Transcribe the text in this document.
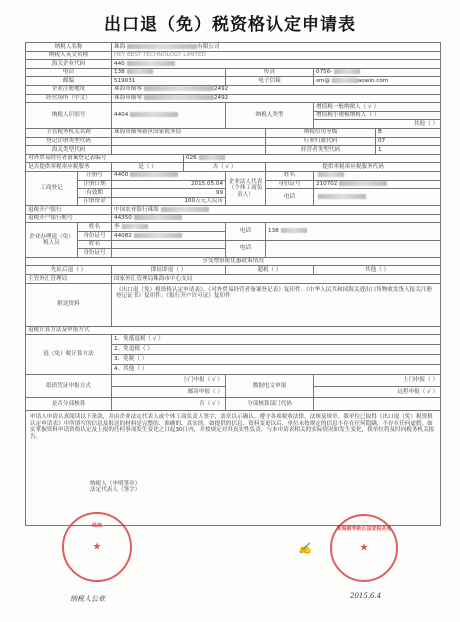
出口退（免）税资格认定申请表
纳税人名称		珠海 有限公司					
纳税人英文名称		HEY BEST TECHNOLOGY LIMITED					
海关企业代码		440					
电话		138		传真		0756-	
邮编		519031		电子信箱		sm@ aowin.com	
企业注册地址		珠海市横琴 2492					
经营场所（中文）		珠海市横琴 2492					
纳税人识别号		4404		纳税人类型		增值税一般纳税人（ √ ）	
						增值税小规模纳税人（ ）	
						其他（ ）	
主管税务机关名称		珠海市横琴新区国家税务局			纳税信用等级		B
登记注册类型代码					行业归属代码		07
海关类型代码					经营者类型代码		1
对外贸易经营者备案登记表编号			026				
是否提供零税率应税服务		是（ ）	否（ √ ）		提供零税率应税服务代码		
工商登记	注册号	4400		企业法人代表（个体工商负责人）	姓名		
	注册日期	2015.05.04			身份证号	210702	
	有效期	99			电话		
	注册资金	100万元人民币					
退税开户银行		中国农业银行珠海					
退税开户银行账号		44350					
企业办理退（免）税人员	姓名	李		电话	138		
	身份证号	44082					
	姓名			电话			
	身份证号						
享受增值税优惠政策情况							
先征后退（ ）		即征即退（ ）		超税（ ）		其他（ ）	
主管外汇管理局		国家外汇管理局珠海市中心支局					
附送资料		《出口退（免）税资格认定申请表》、《对外贸易经营者备案登记表》复印件、《中华人民共和国海关进出口货物收发货人报关注册登记证书》复印件、《银行开户许可证》复印件					
退税计算方法及申报方式							
退（免）税计算方法		1、免抵退税（ √ ）					
		2、免退税（ ）					
		3、免税（ ）					
		4、其他（ ）					
纸质凭证申报方式		上门申报（ √ ）		数据电文申报		上门申报（ ）	
		邮寄申报（ ）				远程申报（ √ ）	
是否分部核算		否（ √ ）		分部核算部门代码			

申请人申请认真阅读以下条款，并由企业法定代表人或个体工商负责人签字，盖章以示确认。遵守各项税收法律、法规及规章。我单位已取得《出口退（免）税资格认定申请表》中所填写的信息及报送的材料是完整的、准确的、真实的。如提供的信息、资料变更以后，单位未按规定的信息不存在任何隐瞒，不存在任何虚假。如实掌握资料申请资格认定及上报的任何事项发生变化之日起30日内，并按规定对其真实性负责。与本申请表相关的实际情况如发生变化，我单位将及时向税务机关报告。
纳税人（申明签章）
法定代表人（签字）							
珠海
★
珠海横琴新区国家税务局
★
纳税人公章
✍
2015.6.4
